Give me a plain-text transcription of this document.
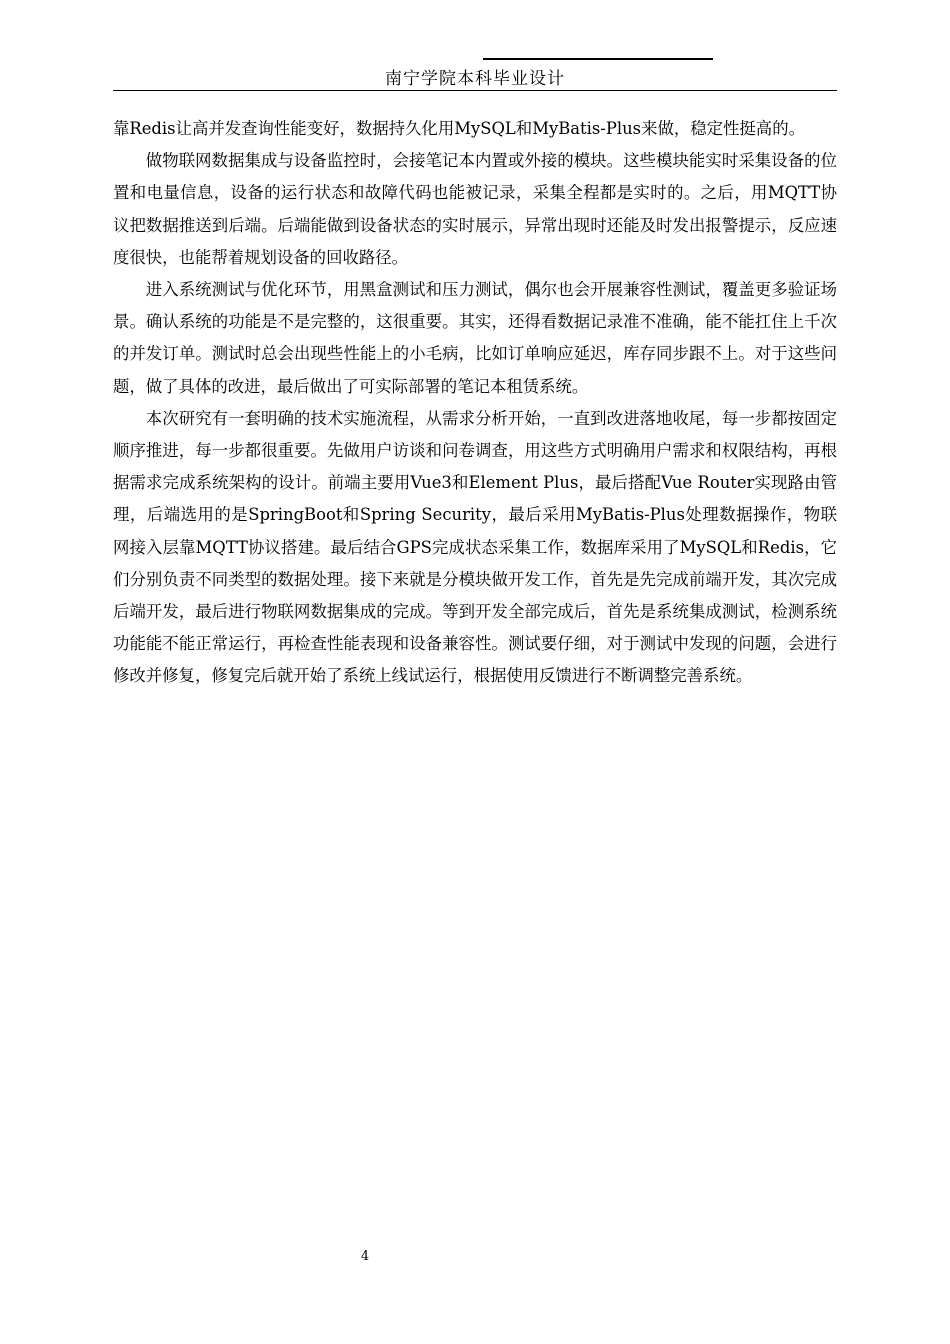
南宁学院本科毕业设计

靠Redis让高并发查询性能变好，数据持久化用MySQL和MyBatis-Plus来做，稳定性挺高的。

做物联网数据集成与设备监控时，会接笔记本内置或外接的模块。这些模块能实时采集设备的位置和电量信息，设备的运行状态和故障代码也能被记录，采集全程都是实时的。之后，用MQTT协议把数据推送到后端。后端能做到设备状态的实时展示，异常出现时还能及时发出报警提示，反应速度很快，也能帮着规划设备的回收路径。

进入系统测试与优化环节，用黑盒测试和压力测试，偶尔也会开展兼容性测试，覆盖更多验证场景。确认系统的功能是不是完整的，这很重要。其实，还得看数据记录准不准确，能不能扛住上千次的并发订单。测试时总会出现些性能上的小毛病，比如订单响应延迟，库存同步跟不上。对于这些问题，做了具体的改进，最后做出了可实际部署的笔记本租赁系统。

本次研究有一套明确的技术实施流程，从需求分析开始，一直到改进落地收尾，每一步都按固定顺序推进，每一步都很重要。先做用户访谈和问卷调查，用这些方式明确用户需求和权限结构，再根据需求完成系统架构的设计。前端主要用Vue3和Element Plus，最后搭配Vue Router实现路由管理，后端选用的是SpringBoot和Spring Security，最后采用MyBatis-Plus处理数据操作，物联网接入层靠MQTT协议搭建。最后结合GPS完成状态采集工作，数据库采用了MySQL和Redis，它们分别负责不同类型的数据处理。接下来就是分模块做开发工作，首先是先完成前端开发，其次完成后端开发，最后进行物联网数据集成的完成。等到开发全部完成后，首先是系统集成测试，检测系统功能能不能正常运行，再检查性能表现和设备兼容性。测试要仔细，对于测试中发现的问题，会进行修改并修复，修复完后就开始了系统上线试运行，根据使用反馈进行不断调整完善系统。

4
